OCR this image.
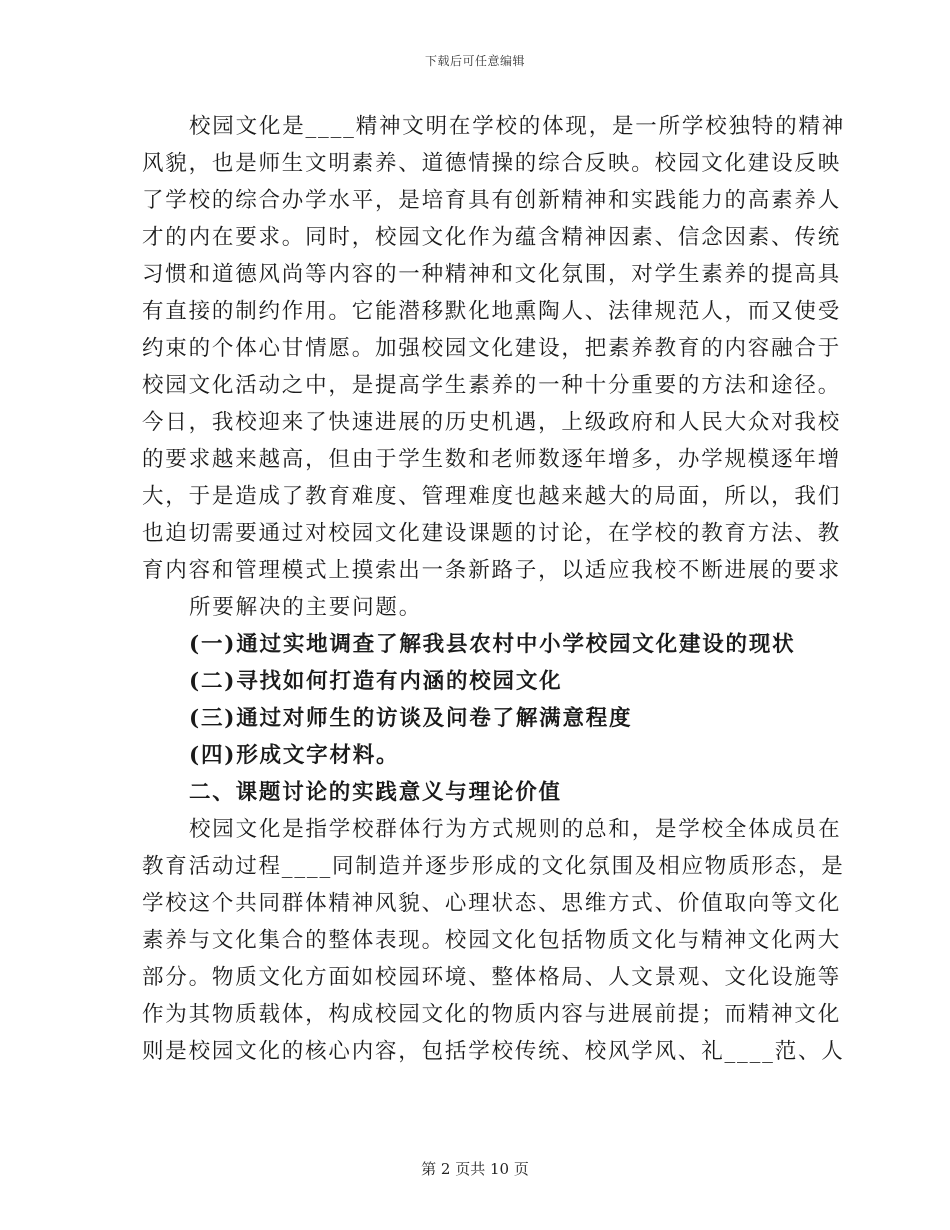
下载后可任意编辑
校园文化是____精神文明在学校的体现，是一所学校独特的精神
风貌，也是师生文明素养、道德情操的综合反映。校园文化建设反映
了学校的综合办学水平，是培育具有创新精神和实践能力的高素养人
才的内在要求。同时，校园文化作为蕴含精神因素、信念因素、传统
习惯和道德风尚等内容的一种精神和文化氛围，对学生素养的提高具
有直接的制约作用。它能潜移默化地熏陶人、法律规范人，而又使受
约束的个体心甘情愿。加强校园文化建设，把素养教育的内容融合于
校园文化活动之中，是提高学生素养的一种十分重要的方法和途径。
今日，我校迎来了快速进展的历史机遇，上级政府和人民大众对我校
的要求越来越高，但由于学生数和老师数逐年增多，办学规模逐年增
大，于是造成了教育难度、管理难度也越来越大的局面，所以，我们
也迫切需要通过对校园文化建设课题的讨论，在学校的教育方法、教
育内容和管理模式上摸索出一条新路子，以适应我校不断进展的要求
所要解决的主要问题。
(一)通过实地调查了解我县农村中小学校园文化建设的现状
(二)寻找如何打造有内涵的校园文化
(三)通过对师生的访谈及问卷了解满意程度
(四)形成文字材料。
二、课题讨论的实践意义与理论价值
校园文化是指学校群体行为方式规则的总和，是学校全体成员在
教育活动过程____同制造并逐步形成的文化氛围及相应物质形态，是
学校这个共同群体精神风貌、心理状态、思维方式、价值取向等文化
素养与文化集合的整体表现。校园文化包括物质文化与精神文化两大
部分。物质文化方面如校园环境、整体格局、人文景观、文化设施等
作为其物质载体，构成校园文化的物质内容与进展前提；而精神文化
则是校园文化的核心内容，包括学校传统、校风学风、礼____范、人
第 2 页共 10 页
